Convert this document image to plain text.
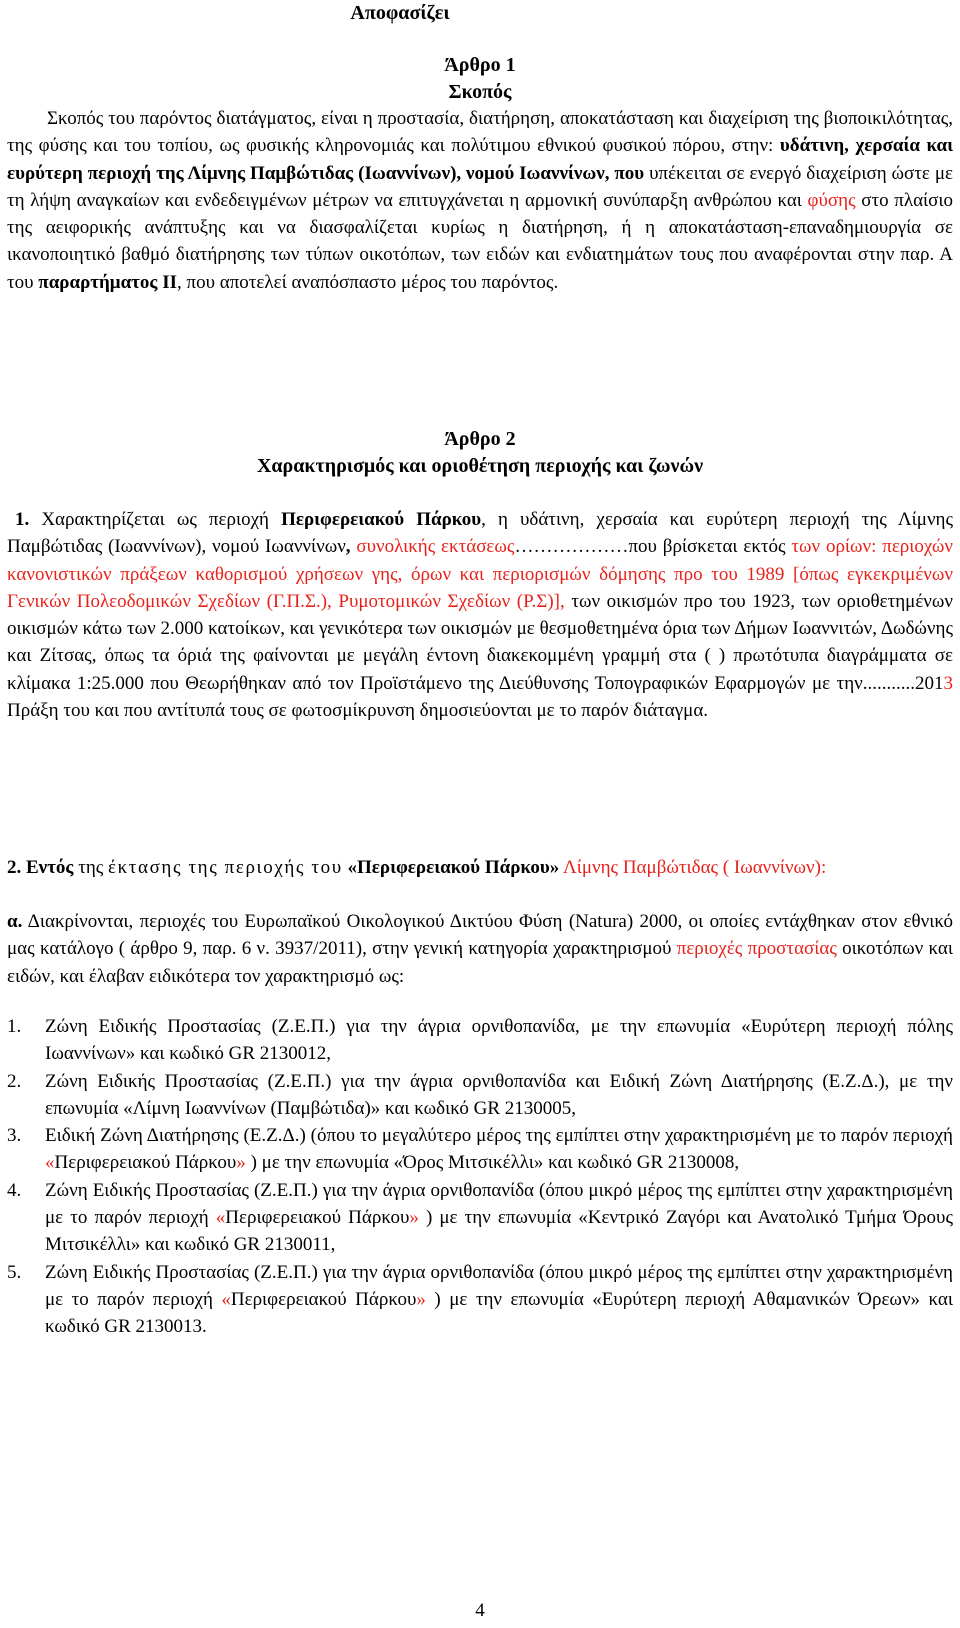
Αποφασίζει
Άρθρο 1
Σκοπός

Σκοπός του παρόντος διατάγματος, είναι η προστασία, διατήρηση, αποκατάσταση και διαχείριση της βιοποικιλότητας, της φύσης και του τοπίου, ως φυσικής κληρονομιάς και πολύτιμου εθνικού φυσικού πόρου, στην: υδάτινη, χερσαία και ευρύτερη περιοχή της Λίμνης Παμβώτιδας (Ιωαννίνων), νομού Ιωαννίνων, που υπέκειται σε ενεργό διαχείριση ώστε με τη λήψη αναγκαίων και ενδεδειγμένων μέτρων να επιτυγχάνεται η αρμονική συνύπαρξη ανθρώπου και φύσης στο πλαίσιο της αειφορικής ανάπτυξης και να διασφαλίζεται κυρίως η διατήρηση, ή η αποκατάσταση-επαναδημιουργία σε ικανοποιητικό βαθμό διατήρησης των τύπων οικοτόπων, των ειδών και ενδιατημάτων τους που αναφέρονται στην παρ. Α του παραρτήματος ΙΙ, που αποτελεί αναπόσπαστο μέρος του παρόντος.

Άρθρο 2
Χαρακτηρισμός και οριοθέτηση περιοχής και ζωνών

1. Χαρακτηρίζεται ως περιοχή Περιφερειακού Πάρκου, η υδάτινη, χερσαία και ευρύτερη περιοχή της Λίμνης Παμβώτιδας (Ιωαννίνων), νομού Ιωαννίνων, συνολικής εκτάσεως………………που βρίσκεται εκτός των ορίων: περιοχών κανονιστικών πράξεων καθορισμού χρήσεων γης, όρων και περιορισμών δόμησης προ του 1989 [όπως εγκεκριμένων Γενικών Πολεοδομικών Σχεδίων (Γ.Π.Σ.), Ρυμοτομικών Σχεδίων (Ρ.Σ)], των οικισμών προ του 1923, των οριοθετημένων οικισμών κάτω των 2.000 κατοίκων, και γενικότερα των οικισμών με θεσμοθετημένα όρια των Δήμων Ιωαννιτών, Δωδώνης και Ζίτσας, όπως τα όριά της φαίνονται με μεγάλη έντονη διακεκομμένη γραμμή στα ( ) πρωτότυπα διαγράμματα σε κλίμακα 1:25.000 που Θεωρήθηκαν από τον Προϊστάμενο της Διεύθυνσης Τοπογραφικών Εφαρμογών με την...........2013 Πράξη του και που αντίτυπά τους σε φωτοσμίκρυνση δημοσιεύονται με το παρόν διάταγμα.

2. Εντός της έκτασης της περιοχής του «Περιφερειακού Πάρκου» Λίμνης Παμβώτιδας ( Ιωαννίνων):

α. Διακρίνονται, περιοχές του Ευρωπαϊκού Οικολογικού Δικτύου Φύση (Natura) 2000, οι οποίες εντάχθηκαν στον εθνικό μας κατάλογο ( άρθρο 9, παρ. 6 ν. 3937/2011), στην γενική κατηγορία χαρακτηρισμού περιοχές προστασίας οικοτόπων και ειδών, και έλαβαν ειδικότερα τον χαρακτηρισμό ως:

1. Ζώνη Ειδικής Προστασίας (Ζ.Ε.Π.) για την άγρια ορνιθοπανίδα, με την επωνυμία «Ευρύτερη περιοχή πόλης Ιωαννίνων» και κωδικό GR 2130012,
2. Ζώνη Ειδικής Προστασίας (Ζ.Ε.Π.) για την άγρια ορνιθοπανίδα και Ειδική Ζώνη Διατήρησης (Ε.Ζ.Δ.), με την επωνυμία «Λίμνη Ιωαννίνων (Παμβώτιδα)» και κωδικό GR 2130005,
3. Ειδική Ζώνη Διατήρησης (Ε.Ζ.Δ.) (όπου το μεγαλύτερο μέρος της εμπίπτει στην χαρακτηρισμένη με το παρόν περιοχή «Περιφερειακού Πάρκου» ) με την επωνυμία «Όρος Μιτσικέλλι» και κωδικό GR 2130008,
4. Ζώνη Ειδικής Προστασίας (Ζ.Ε.Π.) για την άγρια ορνιθοπανίδα (όπου μικρό μέρος της εμπίπτει στην χαρακτηρισμένη με το παρόν περιοχή «Περιφερειακού Πάρκου» ) με την επωνυμία «Κεντρικό Ζαγόρι και Ανατολικό Τμήμα Όρους Μιτσικέλλι» και κωδικό GR 2130011,
5. Ζώνη Ειδικής Προστασίας (Ζ.Ε.Π.) για την άγρια ορνιθοπανίδα (όπου μικρό μέρος της εμπίπτει στην χαρακτηρισμένη με το παρόν περιοχή «Περιφερειακού Πάρκου» ) με την επωνυμία «Ευρύτερη περιοχή Αθαμανικών Όρεων» και κωδικό GR 2130013.
4
